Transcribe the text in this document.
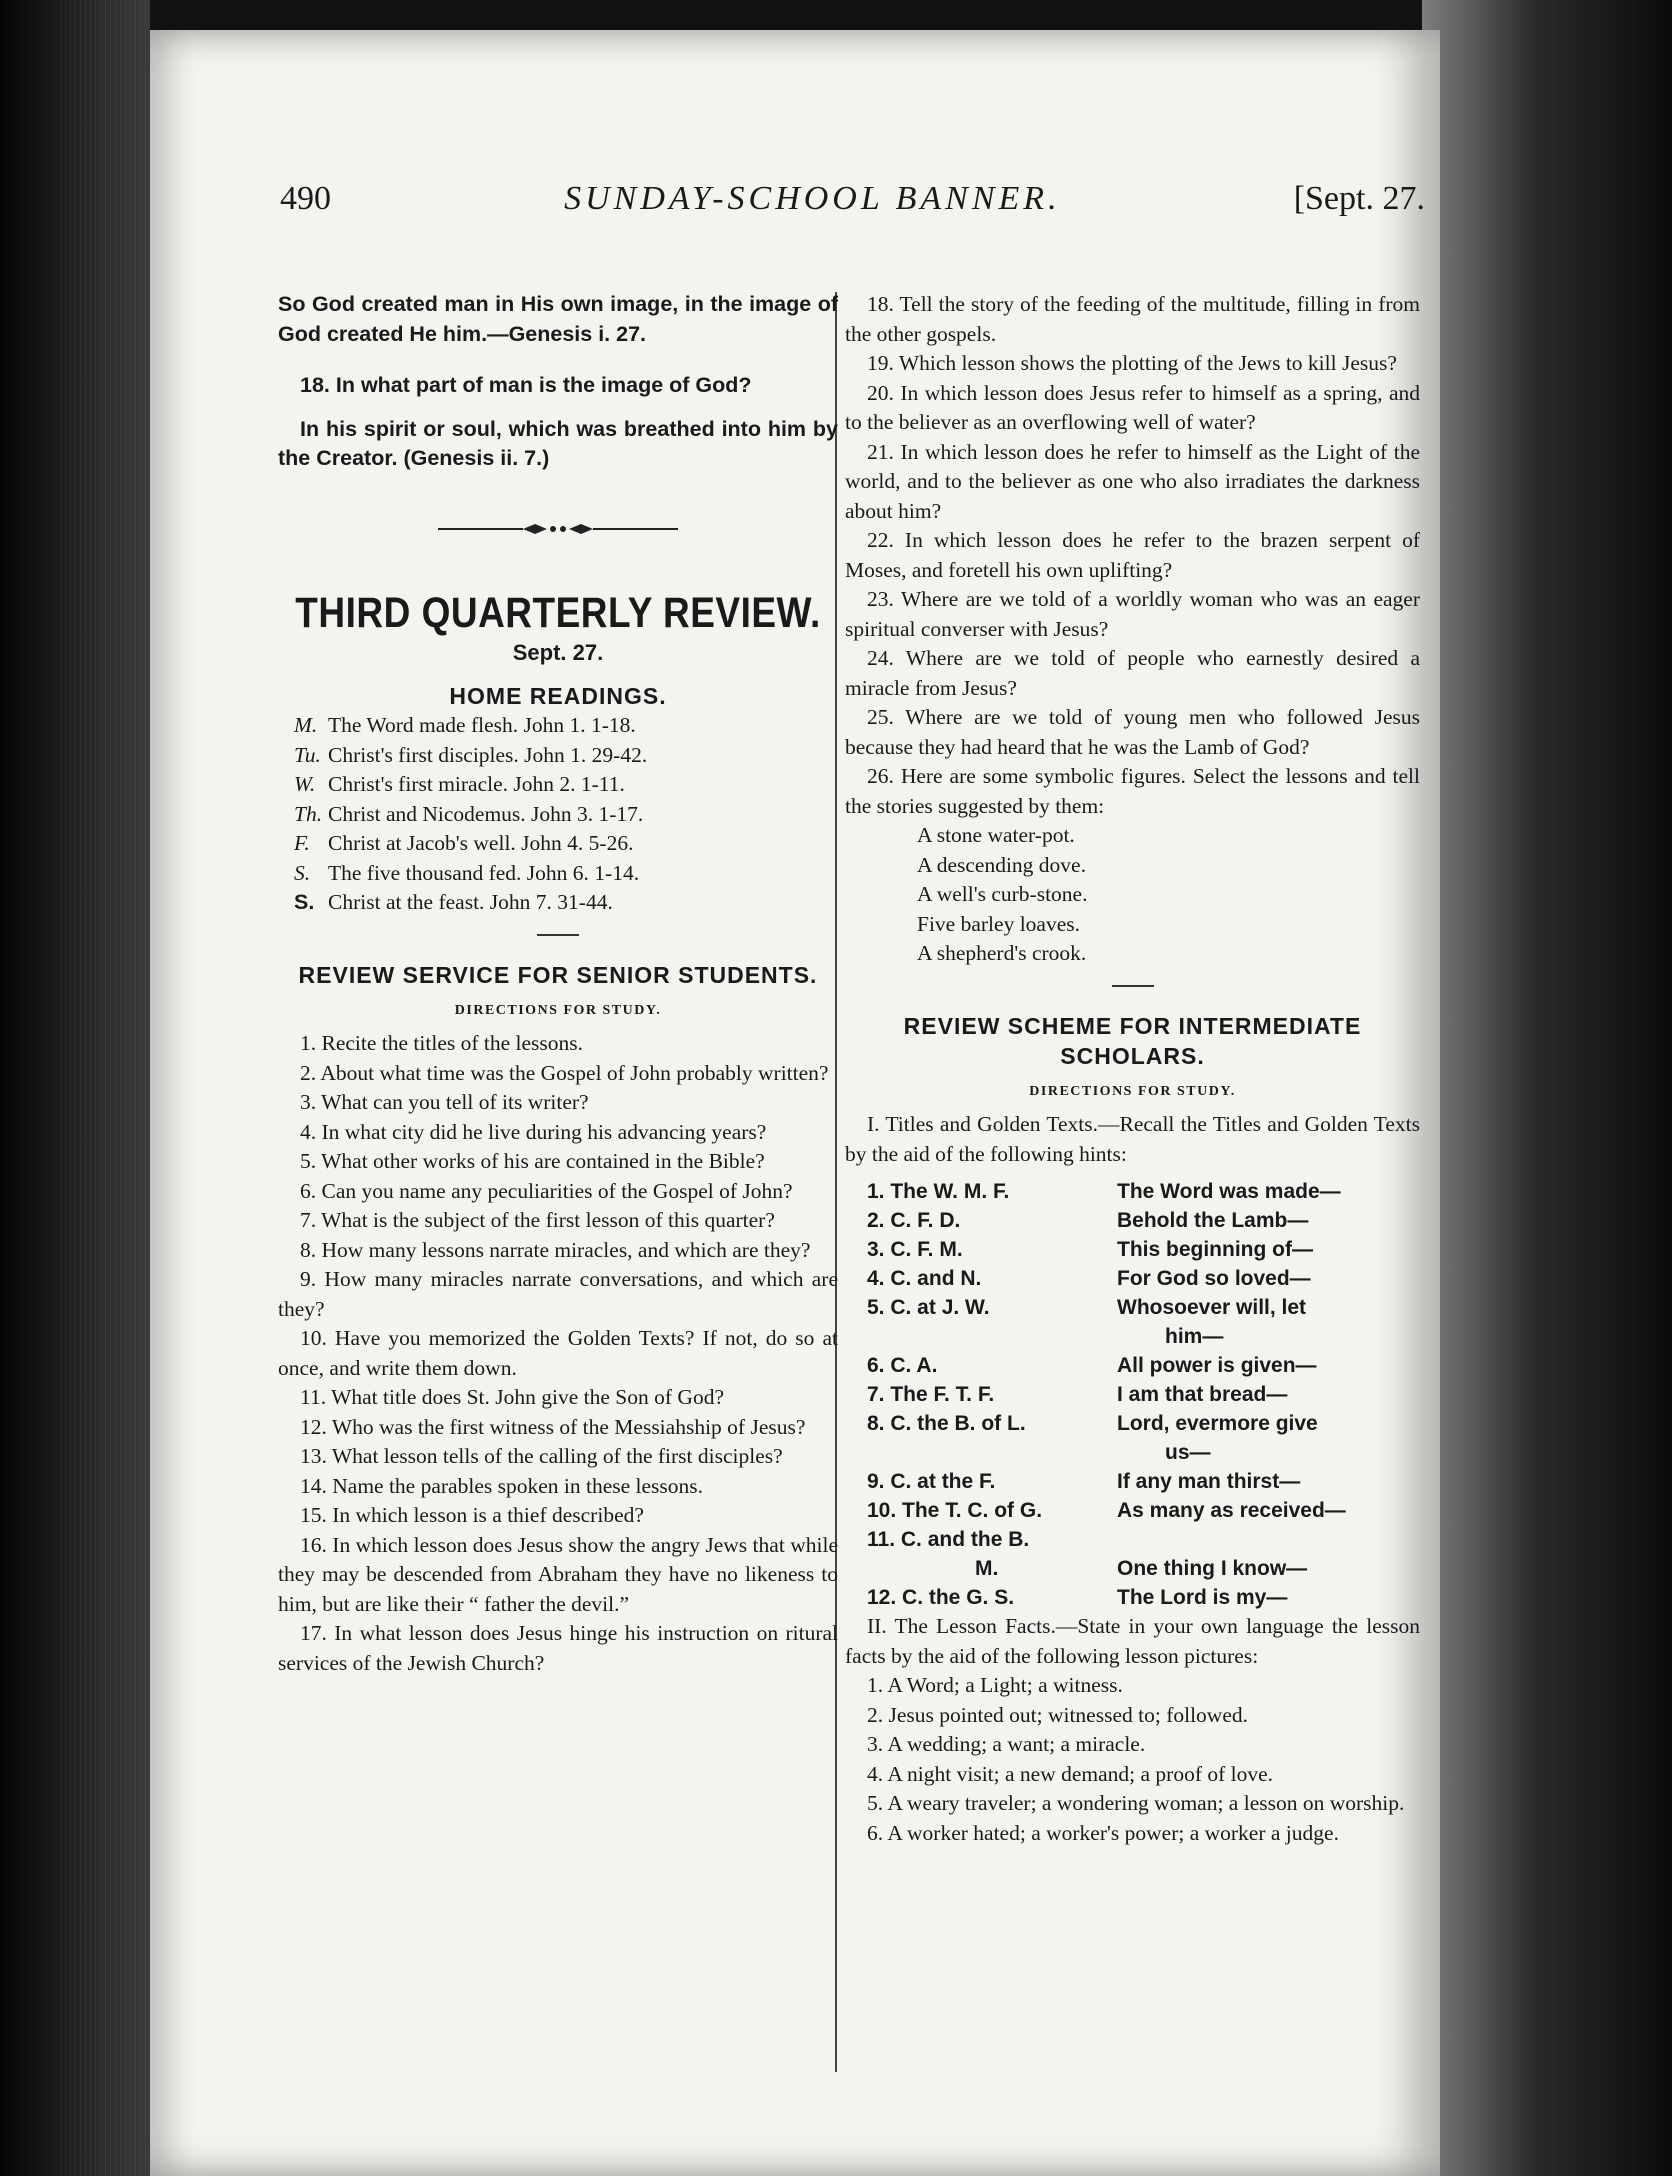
490	SUNDAY-SCHOOL BANNER.	[Sept. 27.

So God created man in His own image, in the image of God created He him.—Genesis i. 27.

18. In what part of man is the image of God?

In his spirit or soul, which was breathed into him by the Creator. (Genesis ii. 7.)

THIRD QUARTERLY REVIEW.
Sept. 27.
HOME READINGS.
M. The Word made flesh. John 1. 1-18.
Tu. Christ's first disciples. John 1. 29-42.
W. Christ's first miracle. John 2. 1-11.
Th. Christ and Nicodemus. John 3. 1-17.
F. Christ at Jacob's well. John 4. 5-26.
S. The five thousand fed. John 6. 1-14.
S. Christ at the feast. John 7. 31-44.
REVIEW SERVICE FOR SENIOR STUDENTS.
DIRECTIONS FOR STUDY.

1. Recite the titles of the lessons.

2. About what time was the Gospel of John probably written?

3. What can you tell of its writer?

4. In what city did he live during his advancing years?

5. What other works of his are contained in the Bible?

6. Can you name any peculiarities of the Gospel of John?

7. What is the subject of the first lesson of this quarter?

8. How many lessons narrate miracles, and which are they?

9. How many miracles narrate conversations, and which are they?

10. Have you memorized the Golden Texts? If not, do so at once, and write them down.

11. What title does St. John give the Son of God?

12. Who was the first witness of the Messiahship of Jesus?

13. What lesson tells of the calling of the first disciples?

14. Name the parables spoken in these lessons.

15. In which lesson is a thief described?

16. In which lesson does Jesus show the angry Jews that while they may be descended from Abraham they have no likeness to him, but are like their “ father the devil.”

17. In what lesson does Jesus hinge his instruction on ritural services of the Jewish Church?

18. Tell the story of the feeding of the multitude, filling in from the other gospels.

19. Which lesson shows the plotting of the Jews to kill Jesus?

20. In which lesson does Jesus refer to himself as a spring, and to the believer as an overflowing well of water?

21. In which lesson does he refer to himself as the Light of the world, and to the believer as one who also irradiates the darkness about him?

22. In which lesson does he refer to the brazen serpent of Moses, and foretell his own uplifting?

23. Where are we told of a worldly woman who was an eager spiritual converser with Jesus?

24. Where are we told of people who earnestly desired a miracle from Jesus?

25. Where are we told of young men who followed Jesus because they had heard that he was the Lamb of God?

26. Here are some symbolic figures. Select the lessons and tell the stories suggested by them:

A stone water-pot.
A descending dove.
A well's curb-stone.
Five barley loaves.
A shepherd's crook.
REVIEW SCHEME FOR INTERMEDIATE SCHOLARS.
DIRECTIONS FOR STUDY.

I. Titles and Golden Texts.—Recall the Titles and Golden Texts by the aid of the following hints:

1. The W. M. F.	The Word was made—
2. C. F. D.	Behold the Lamb—
3. C. F. M.	This beginning of—
4. C. and N.	For God so loved—
5. C. at J. W.	Whosoever will, let
him—
6. C. A.	All power is given—
7. The F. T. F.	I am that bread—
8. C. the B. of L.	Lord, evermore give
us—
9. C. at the F.	If any man thirst—
10. The T. C. of G.	As many as received—
11. C. and the B.
M.	One thing I know—
12. C. the G. S.	The Lord is my—

II. The Lesson Facts.—State in your own language the lesson facts by the aid of the following lesson pictures:

1. A Word; a Light; a witness.

2. Jesus pointed out; witnessed to; followed.

3. A wedding; a want; a miracle.

4. A night visit; a new demand; a proof of love.

5. A weary traveler; a wondering woman; a lesson on worship.

6. A worker hated; a worker's power; a worker a judge.
